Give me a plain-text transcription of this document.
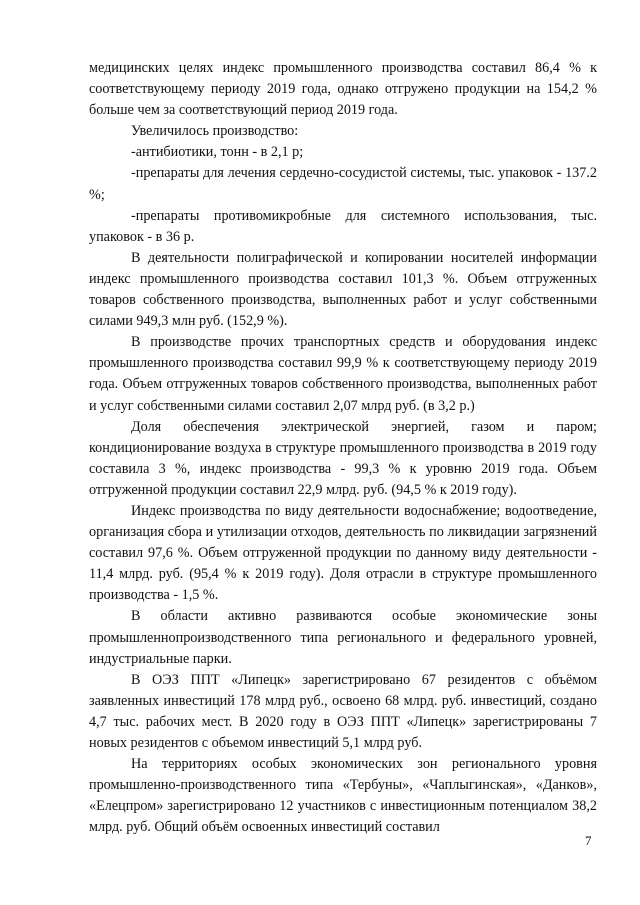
медицинских целях индекс промышленного производства составил 86,4 % к соответствующему периоду 2019 года, однако отгружено продукции на 154,2 % больше чем за соответствующий период 2019 года.

Увеличилось производство:

-антибиотики, тонн - в 2,1 р;

-препараты для лечения сердечно-сосудистой системы, тыс. упаковок - 137.2 %;

-препараты противомикробные для системного использования, тыс. упаковок - в 36 р.

В деятельности полиграфической и копировании носителей информации индекс промышленного производства составил 101,3 %. Объем отгруженных товаров собственного производства, выполненных работ и услуг собственными силами 949,3 млн руб. (152,9 %).

В производстве прочих транспортных средств и оборудования индекс промышленного производства составил 99,9 % к соответствующему периоду 2019 года. Объем отгруженных товаров собственного производства, выполненных работ и услуг собственными силами составил 2,07 млрд руб. (в 3,2 р.)

Доля обеспечения электрической энергией, газом и паром; кондиционирование воздуха в структуре промышленного производства в 2019 году составила 3 %, индекс производства - 99,3 % к уровню 2019 года. Объем отгруженной продукции составил 22,9 млрд. руб. (94,5 % к 2019 году).

Индекс производства по виду деятельности водоснабжение; водоотведение, организация сбора и утилизации отходов, деятельность по ликвидации загрязнений составил 97,6 %. Объем отгруженной продукции по данному виду деятельности - 11,4 млрд. руб. (95,4 % к 2019 году). Доля отрасли в структуре промышленного производства - 1,5 %.

В области активно развиваются особые экономические зоны промышленнопроизводственного типа регионального и федерального уровней, индустриальные парки.

В ОЭЗ ППТ «Липецк» зарегистрировано 67 резидентов с объёмом заявленных инвестиций 178 млрд руб., освоено 68 млрд. руб. инвестиций, создано 4,7 тыс. рабочих мест. В 2020 году в ОЭЗ ППТ «Липецк» зарегистрированы 7 новых резидентов с объемом инвестиций 5,1 млрд руб.

На территориях особых экономических зон регионального уровня промышленно-производственного типа «Тербуны», «Чаплыгинская», «Данков», «Елецпром» зарегистрировано 12 участников с инвестиционным потенциалом 38,2 млрд. руб. Общий объём освоенных инвестиций составил

7
